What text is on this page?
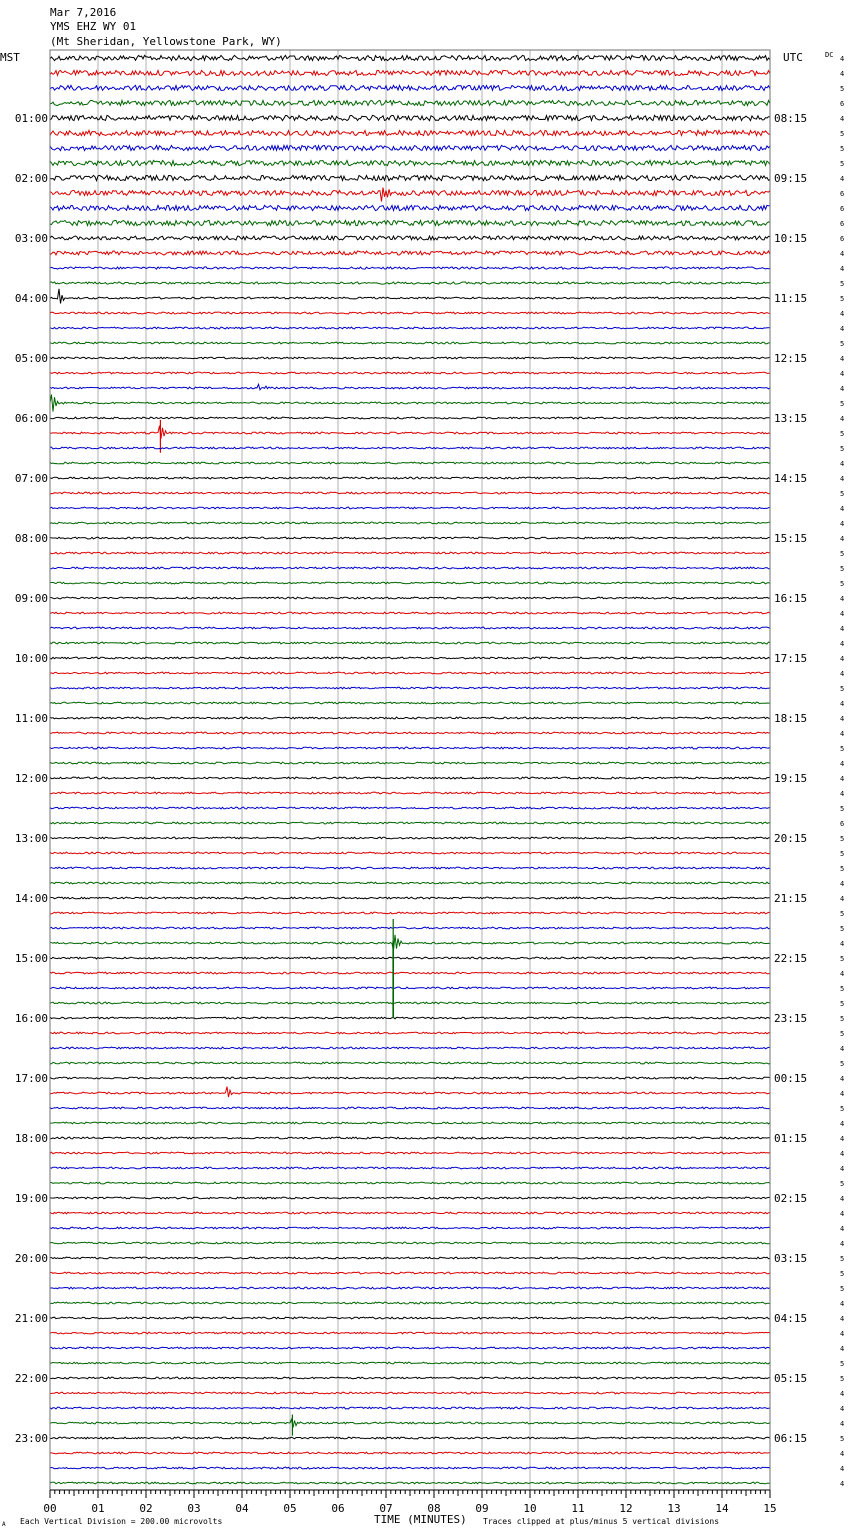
00	01	02	03	04	05	06	07	08	09	10	11	12	13	14	15
Mar 7,2016
YMS EHZ WY 01
(Mt Sheridan, Yellowstone Park, WY)
MST	UTC	DC
01:00
02:00
03:00
04:00
05:00
06:00
07:00
08:00
09:00
10:00
11:00
12:00
13:00
14:00
15:00
16:00
17:00
18:00
19:00
20:00
21:00
22:00
23:00
08:15
09:15
10:15
11:15
12:15
13:15
14:15
15:15
16:15
17:15
18:15
19:15
20:15
21:15
22:15
23:15
00:15
01:15
02:15
03:15
04:15
05:15
06:15
4
4
5
6
4
5
5
5
4
6
6
6
6
4
4
5
5
4
4
5
4
4
4
5
4
5
5
4
4
5
4
4
4
5
5
5
4
4
4
4
4
4
5
4
4
4
5
4
4
4
5
6
5
5
5
4
4
5
5
4
5
4
5
5
5
5
4
5
4
4
5
4
4
4
4
5
4
4
4
4
5
5
5
4
4
4
4
5
5
4
4
4
5
4
4
4
A Each Vertical Division = 200.00 microvolts	TIME (MINUTES) Traces clipped at plus/minus 5 vertical divisions
